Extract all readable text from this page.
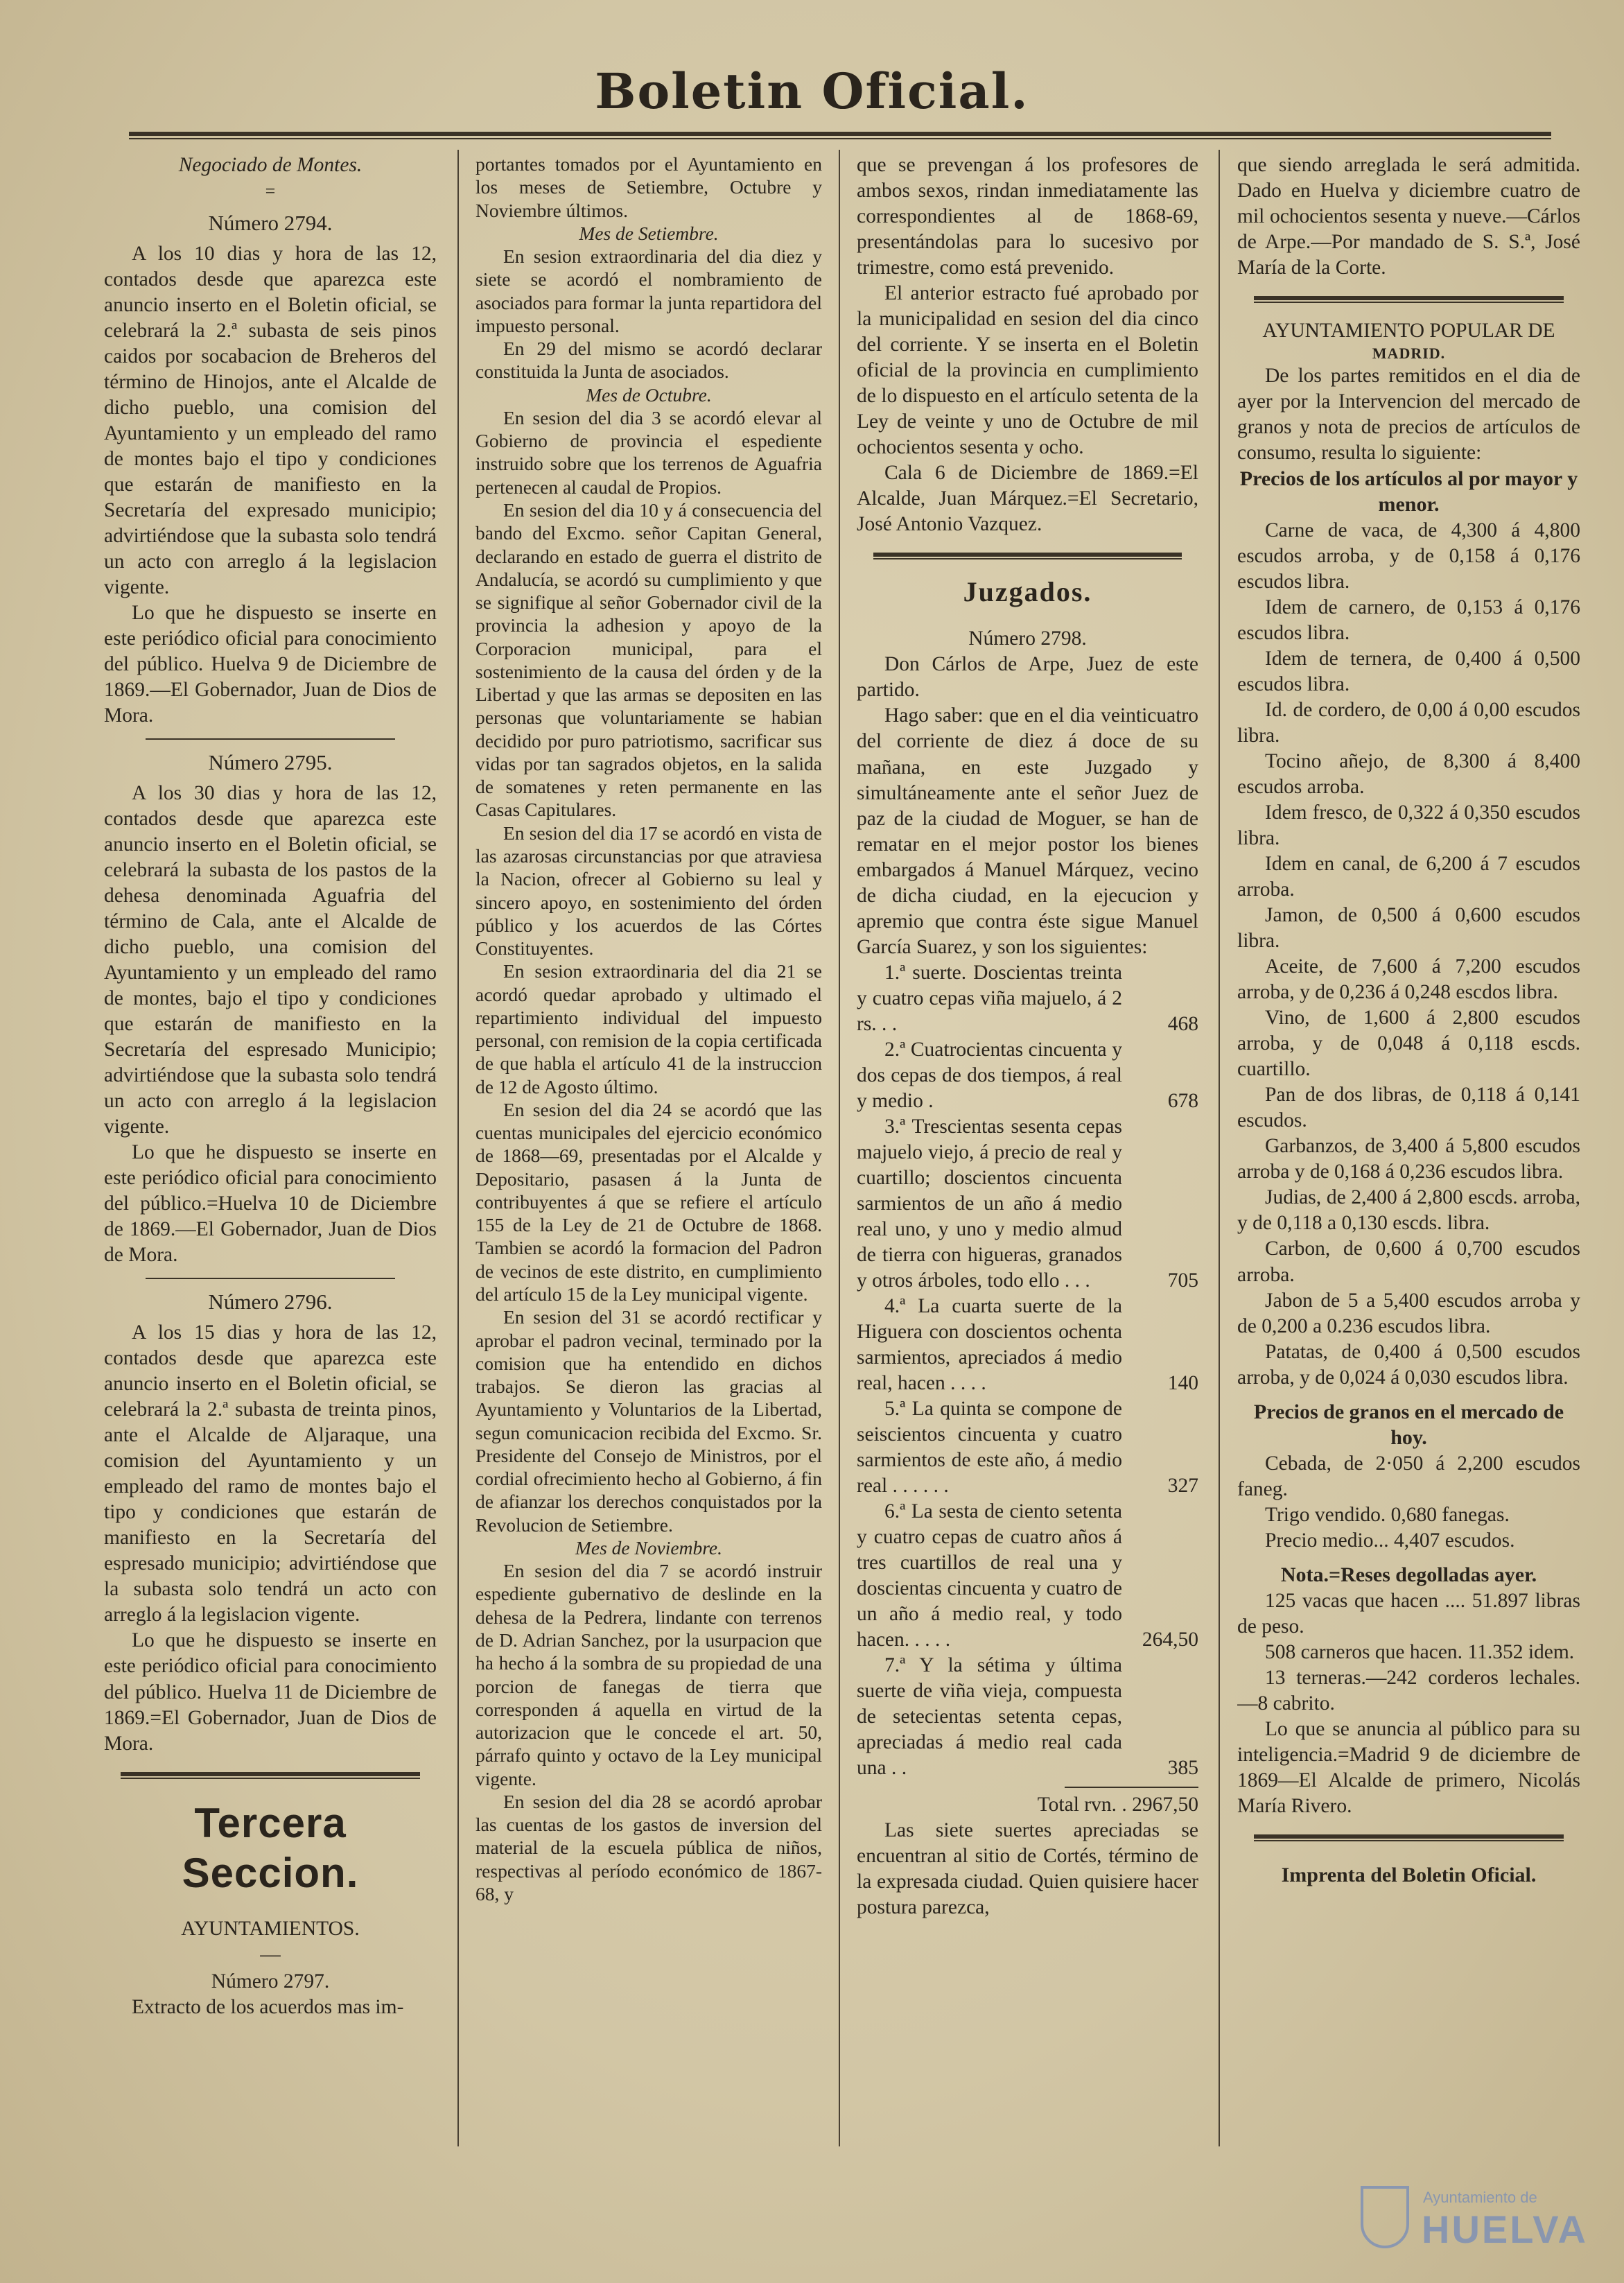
Boletin Oficial.

Negociado de Montes.

=

Número 2794.

A los 10 dias y hora de las 12, contados desde que aparezca este anuncio inserto en el Boletin oficial, se celebrará la 2.ª subasta de seis pinos caidos por socabacion de Breheros del término de Hinojos, ante el Alcalde de dicho pueblo, una comision del Ayuntamiento y un empleado del ramo de montes bajo el tipo y condiciones que estarán de manifiesto en la Secretaría del expresado municipio; advirtiéndose que la subasta solo tendrá un acto con arreglo á la legislacion vigente.

Lo que he dispuesto se inserte en este periódico oficial para conocimiento del público. Huelva 9 de Diciembre de 1869.—El Gobernador, Juan de Dios de Mora.

Número 2795.

A los 30 dias y hora de las 12, contados desde que aparezca este anuncio inserto en el Boletin oficial, se celebrará la subasta de los pastos de la dehesa denominada Aguafria del término de Cala, ante el Alcalde de dicho pueblo, una comision del Ayuntamiento y un empleado del ramo de montes, bajo el tipo y condiciones que estarán de manifiesto en la Secretaría del espresado Municipio; advirtiéndose que la subasta solo tendrá un acto con arreglo á la legislacion vigente.

Lo que he dispuesto se inserte en este periódico oficial para conocimiento del público.=Huelva 10 de Diciembre de 1869.—El Gobernador, Juan de Dios de Mora.

Número 2796.

A los 15 dias y hora de las 12, contados desde que aparezca este anuncio inserto en el Boletin oficial, se celebrará la 2.ª subasta de treinta pinos, ante el Alcalde de Aljaraque, una comision del Ayuntamiento y un empleado del ramo de montes bajo el tipo y condiciones que estarán de manifiesto en la Secretaría del espresado municipio; advirtiéndose que la subasta solo tendrá un acto con arreglo á la legislacion vigente.

Lo que he dispuesto se inserte en este periódico oficial para conocimiento del público. Huelva 11 de Diciembre de 1869.=El Gobernador, Juan de Dios de Mora.

Tercera Seccion.

AYUNTAMIENTOS.

—

Número 2797.

Extracto de los acuerdos mas im-

portantes tomados por el Ayuntamiento en los meses de Setiembre, Octubre y Noviembre últimos.

Mes de Setiembre.

En sesion extraordinaria del dia diez y siete se acordó el nombramiento de asociados para formar la junta repartidora del impuesto personal.

En 29 del mismo se acordó declarar constituida la Junta de asociados.

Mes de Octubre.

En sesion del dia 3 se acordó elevar al Gobierno de provincia el espediente instruido sobre que los terrenos de Aguafria pertenecen al caudal de Propios.

En sesion del dia 10 y á consecuencia del bando del Excmo. señor Capitan General, declarando en estado de guerra el distrito de Andalucía, se acordó su cumplimiento y que se signifique al señor Gobernador civil de la provincia la adhesion y apoyo de la Corporacion municipal, para el sostenimiento de la causa del órden y de la Libertad y que las armas se depositen en las personas que voluntariamente se habian decidido por puro patriotismo, sacrificar sus vidas por tan sagrados objetos, en la salida de somatenes y reten permanente en las Casas Capitulares.

En sesion del dia 17 se acordó en vista de las azarosas circunstancias por que atraviesa la Nacion, ofrecer al Gobierno su leal y sincero apoyo, en sostenimiento del órden público y los acuerdos de las Córtes Constituyentes.

En sesion extraordinaria del dia 21 se acordó quedar aprobado y ultimado el repartimiento individual del impuesto personal, con remision de la copia certificada de que habla el artículo 41 de la instruccion de 12 de Agosto último.

En sesion del dia 24 se acordó que las cuentas municipales del ejercicio económico de 1868—69, presentadas por el Alcalde y Depositario, pasasen á la Junta de contribuyentes á que se refiere el artículo 155 de la Ley de 21 de Octubre de 1868. Tambien se acordó la formacion del Padron de vecinos de este distrito, en cumplimiento del artículo 15 de la Ley municipal vigente.

En sesion del 31 se acordó rectificar y aprobar el padron vecinal, terminado por la comision que ha entendido en dichos trabajos. Se dieron las gracias al Ayuntamiento y Voluntarios de la Libertad, segun comunicacion recibida del Excmo. Sr. Presidente del Consejo de Ministros, por el cordial ofrecimiento hecho al Gobierno, á fin de afianzar los derechos conquistados por la Revolucion de Setiembre.

Mes de Noviembre.

En sesion del dia 7 se acordó instruir espediente gubernativo de deslinde en la dehesa de la Pedrera, lindante con terrenos de D. Adrian Sanchez, por la usurpacion que ha hecho á la sombra de su propiedad de una porcion de fanegas de tierra que corresponden á aquella en virtud de la autorizacion que le concede el art. 50, párrafo quinto y octavo de la Ley municipal vigente.

En sesion del dia 28 se acordó aprobar las cuentas de los gastos de inversion del material de la escuela pública de niños, respectivas al período económico de 1867-68, y

que se prevengan á los profesores de ambos sexos, rindan inmediatamente las correspondientes al de 1868-69, presentándolas para lo sucesivo por trimestre, como está prevenido.

El anterior estracto fué aprobado por la municipalidad en sesion del dia cinco del corriente. Y se inserta en el Boletin oficial de la provincia en cumplimiento de lo dispuesto en el artículo setenta de la Ley de veinte y uno de Octubre de mil ochocientos sesenta y ocho.

Cala 6 de Diciembre de 1869.=El Alcalde, Juan Márquez.=El Secretario, José Antonio Vazquez.

Juzgados.

Número 2798.

Don Cárlos de Arpe, Juez de este partido.

Hago saber: que en el dia veinticuatro del corriente de diez á doce de su mañana, en este Juzgado y simultáneamente ante el señor Juez de paz de la ciudad de Moguer, se han de rematar en el mejor postor los bienes embargados á Manuel Márquez, vecino de dicha ciudad, en la ejecucion y apremio que contra éste sigue Manuel García Suarez, y son los siguientes:

1.ª suerte. Doscientas treinta y cuatro cepas viña majuelo, á 2 rs. . .	468

2.ª Cuatrocientas cincuenta y dos cepas de dos tiempos, á real y medio .	678

3.ª Trescientas sesenta cepas majuelo viejo, á precio de real y cuartillo; doscientos cincuenta sarmientos de un año á medio real uno, y uno y medio almud de tierra con higueras, granados y otros árboles, todo ello . . .	705

4.ª La cuarta suerte de la Higuera con doscientos ochenta sarmientos, apreciados á medio real, hacen . . . .	140

5.ª La quinta se compone de seiscientos cincuenta y cuatro sarmientos de este año, á medio real . . . . . .	327

6.ª La sesta de ciento setenta y cuatro cepas de cuatro años á tres cuartillos de real una y doscientas cincuenta y cuatro de un año á medio real, y todo hacen. . . . .	264,50

7.ª Y la sétima y última suerte de viña vieja, compuesta de setecientas setenta cepas, apreciadas á medio real cada una . .	385

Total rvn. . 2967,50

Las siete suertes apreciadas se encuentran al sitio de Cortés, término de la expresada ciudad. Quien quisiere hacer postura parezca,

que siendo arreglada le será admitida. Dado en Huelva y diciembre cuatro de mil ochocientos sesenta y nueve.—Cárlos de Arpe.—Por mandado de S. S.ª, José María de la Corte.

AYUNTAMIENTO POPULAR DE

MADRID.

De los partes remitidos en el dia de ayer por la Intervencion del mercado de granos y nota de precios de artículos de consumo, resulta lo siguiente:

Precios de los artículos al por mayor y menor.

Carne de vaca, de 4,300 á 4,800 escudos arroba, y de 0,158 á 0,176 escudos libra.

Idem de carnero, de 0,153 á 0,176 escudos libra.

Idem de ternera, de 0,400 á 0,500 escudos libra.

Id. de cordero, de 0,00 á 0,00 escudos libra.

Tocino añejo, de 8,300 á 8,400 escudos arroba.

Idem fresco, de 0,322 á 0,350 escudos libra.

Idem en canal, de 6,200 á 7 escudos arroba.

Jamon, de 0,500 á 0,600 escudos libra.

Aceite, de 7,600 á 7,200 escudos arroba, y de 0,236 á 0,248 escdos libra.

Vino, de 1,600 á 2,800 escudos arroba, y de 0,048 á 0,118 escds. cuartillo.

Pan de dos libras, de 0,118 á 0,141 escudos.

Garbanzos, de 3,400 á 5,800 escudos arroba y de 0,168 á 0,236 escudos libra.

Judias, de 2,400 á 2,800 escds. arroba, y de 0,118 a 0,130 escds. libra.

Carbon, de 0,600 á 0,700 escudos arroba.

Jabon de 5 a 5,400 escudos arroba y de 0,200 a 0.236 escudos libra.

Patatas, de 0,400 á 0,500 escudos arroba, y de 0,024 á 0,030 escudos libra.

Precios de granos en el mercado de hoy.

Cebada, de 2·050 á 2,200 escudos faneg.

Trigo vendido. 0,680 fanegas.

Precio medio... 4,407 escudos.

Nota.=Reses degolladas ayer.

125 vacas que hacen .... 51.897 libras de peso.

508 carneros que hacen. 11.352 idem.

13 terneras.—242 corderos lechales.—8 cabrito.

Lo que se anuncia al público para su inteligencia.=Madrid 9 de diciembre de 1869—El Alcalde de primero, Nicolás María Rivero.

Imprenta del Boletin Oficial.

Ayuntamiento de
HUELVA
